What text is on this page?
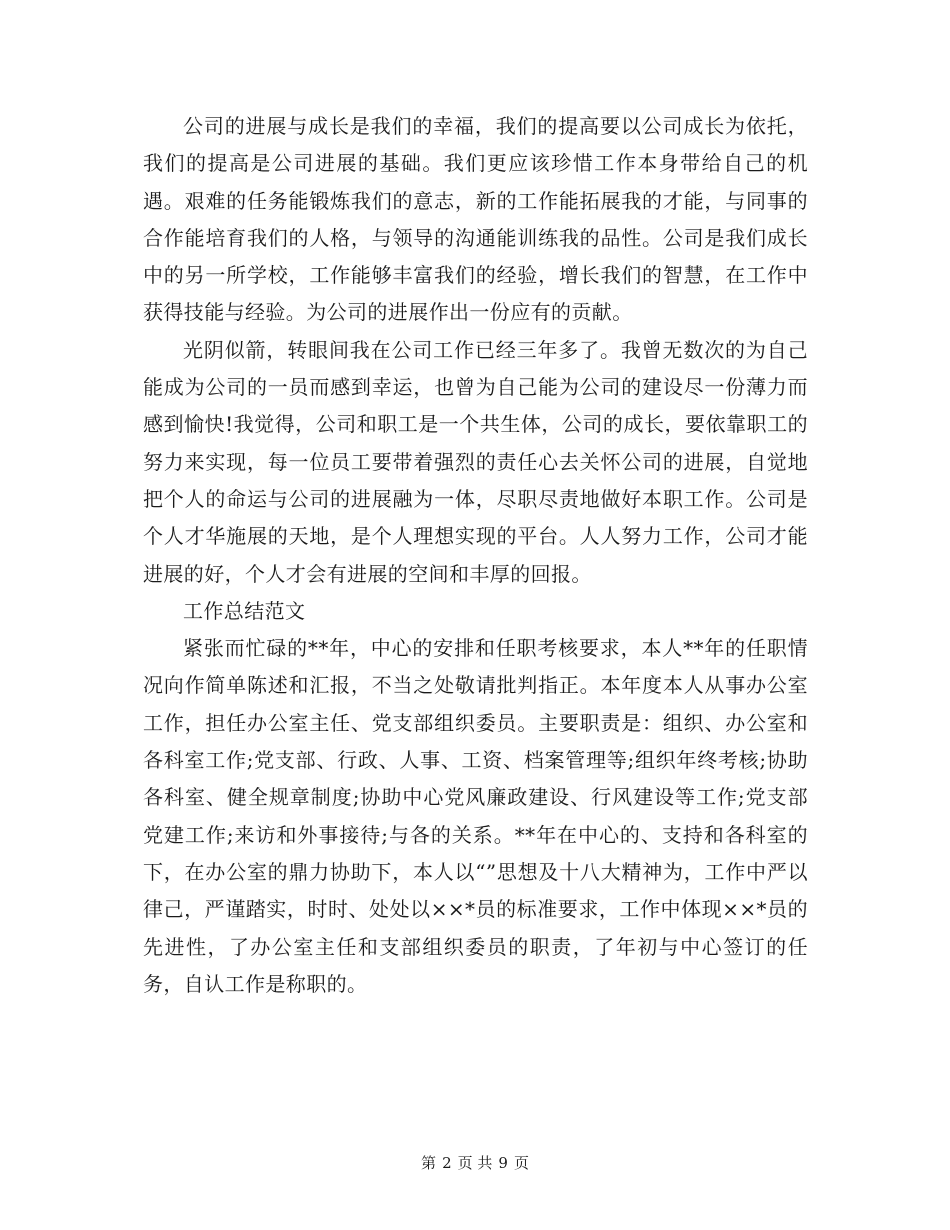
公司的进展与成长是我们的幸福，我们的提高要以公司成长为依托，我们的提高是公司进展的基础。我们更应该珍惜工作本身带给自己的机遇。艰难的任务能锻炼我们的意志，新的工作能拓展我的才能，与同事的合作能培育我们的人格，与领导的沟通能训练我的品性。公司是我们成长中的另一所学校，工作能够丰富我们的经验，增长我们的智慧，在工作中获得技能与经验。为公司的进展作出一份应有的贡献。

光阴似箭，转眼间我在公司工作已经三年多了。我曾无数次的为自己能成为公司的一员而感到幸运，也曾为自己能为公司的建设尽一份薄力而感到愉快!我觉得，公司和职工是一个共生体，公司的成长，要依靠职工的努力来实现，每一位员工要带着强烈的责任心去关怀公司的进展，自觉地把个人的命运与公司的进展融为一体，尽职尽责地做好本职工作。公司是个人才华施展的天地，是个人理想实现的平台。人人努力工作，公司才能进展的好，个人才会有进展的空间和丰厚的回报。

工作总结范文

紧张而忙碌的**年，中心的安排和任职考核要求，本人**年的任职情况向作简单陈述和汇报，不当之处敬请批判指正。本年度本人从事办公室工作，担任办公室主任、党支部组织委员。主要职责是：组织、办公室和各科室工作;党支部、行政、人事、工资、档案管理等;组织年终考核;协助各科室、健全规章制度;协助中心党风廉政建设、行风建设等工作;党支部党建工作;来访和外事接待;与各的关系。**年在中心的、支持和各科室的下，在办公室的鼎力协助下，本人以“”思想及十八大精神为，工作中严以律己，严谨踏实，时时、处处以××*员的标准要求，工作中体现××*员的先进性，了办公室主任和支部组织委员的职责，了年初与中心签订的任务，自认工作是称职的。

第 2 页 共 9 页
